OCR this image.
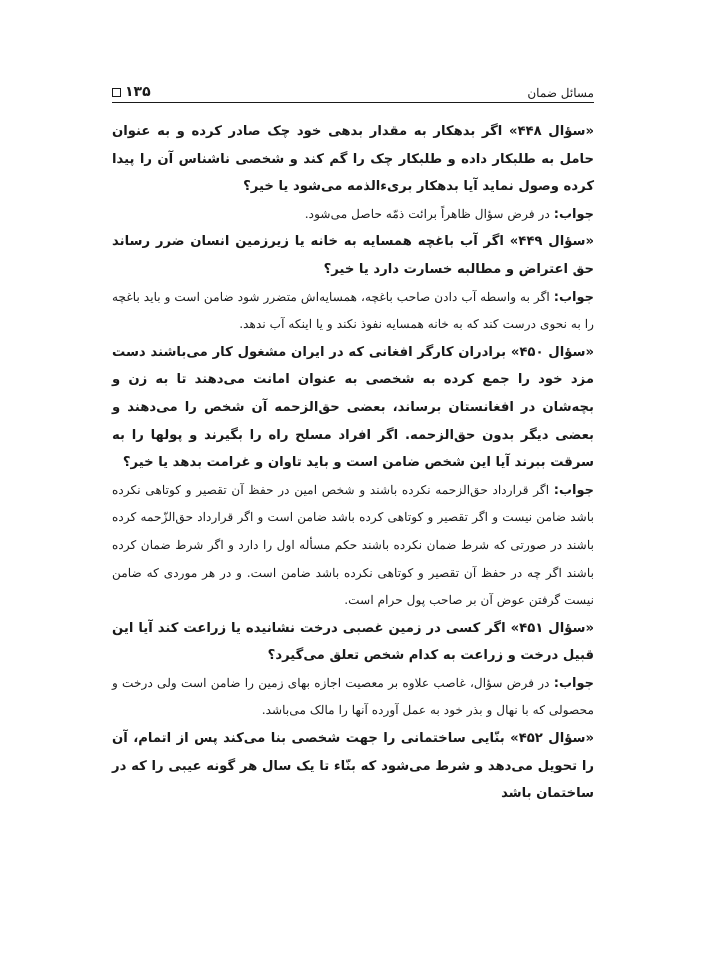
مسائل ضمان
۱۳۵

«سؤال ۴۴۸» اگر بدهکار به مقدار بدهی خود چک صادر کرده و به عنوان حامل به طلبکار داده و طلبکار چک را گم کند و شخصی ناشناس آن را پیدا کرده وصول نماید آیا بدهکار بریء‌الذمه می‌شود یا خیر؟

جواب: در فرض سؤال ظاهراً برائت ذمّه حاصل می‌شود.

«سؤال ۴۴۹» اگر آب باغچه همسایه به خانه یا زیرزمین انسان ضرر رساند حق اعتراض و مطالبه خسارت دارد یا خیر؟

جواب: اگر به واسطه آب دادن صاحب باغچه، همسایه‌اش متضرر شود ضامن است و باید باغچه را به نحوی درست کند که به خانه همسایه نفوذ نکند و یا اینکه آب ندهد.

«سؤال ۴۵۰» برادران کارگر افغانی که در ایران مشغول کار می‌باشند دست مزد خود را جمع کرده به شخصی به عنوان امانت می‌دهند تا به زن و بچه‌شان در افغانستان برساند، بعضی حق‌الزحمه آن شخص را می‌دهند و بعضی دیگر بدون حق‌الزحمه. اگر افراد مسلح راه را بگیرند و پولها را به سرقت ببرند آیا این شخص ضامن است و باید تاوان و غرامت بدهد یا خیر؟

جواب: اگر قرارداد حق‌الزحمه نکرده باشند و شخص امین در حفظ آن تقصیر و کوتاهی نکرده باشد ضامن نیست و اگر تقصیر و کوتاهی کرده باشد ضامن است و اگر قرارداد حق‌الزّحمه کرده باشند در صورتی که شرط ضمان نکرده باشند حکم مسأله اول را دارد و اگر شرط ضمان کرده باشند اگر چه در حفظ آن تقصیر و کوتاهی نکرده باشد ضامن است. و در هر موردی که ضامن نیست گرفتن عوض آن بر صاحب پول حرام است.

«سؤال ۴۵۱» اگر کسی در زمین غصبی درخت نشانیده یا زراعت کند آیا این قبیل درخت و زراعت به کدام شخص تعلق می‌گیرد؟

جواب: در فرض سؤال، غاصب علاوه بر معصیت اجازه بهای زمین را ضامن است ولی درخت و محصولی که با نهال و بذر خود به عمل آورده آنها را مالک می‌باشد.

«سؤال ۴۵۲» بنّایی ساختمانی را جهت شخصی بنا می‌کند پس از اتمام، آن را تحویل می‌دهد و شرط می‌شود که بنّاء تا یک سال هر گونه عیبی را که در ساختمان باشد
